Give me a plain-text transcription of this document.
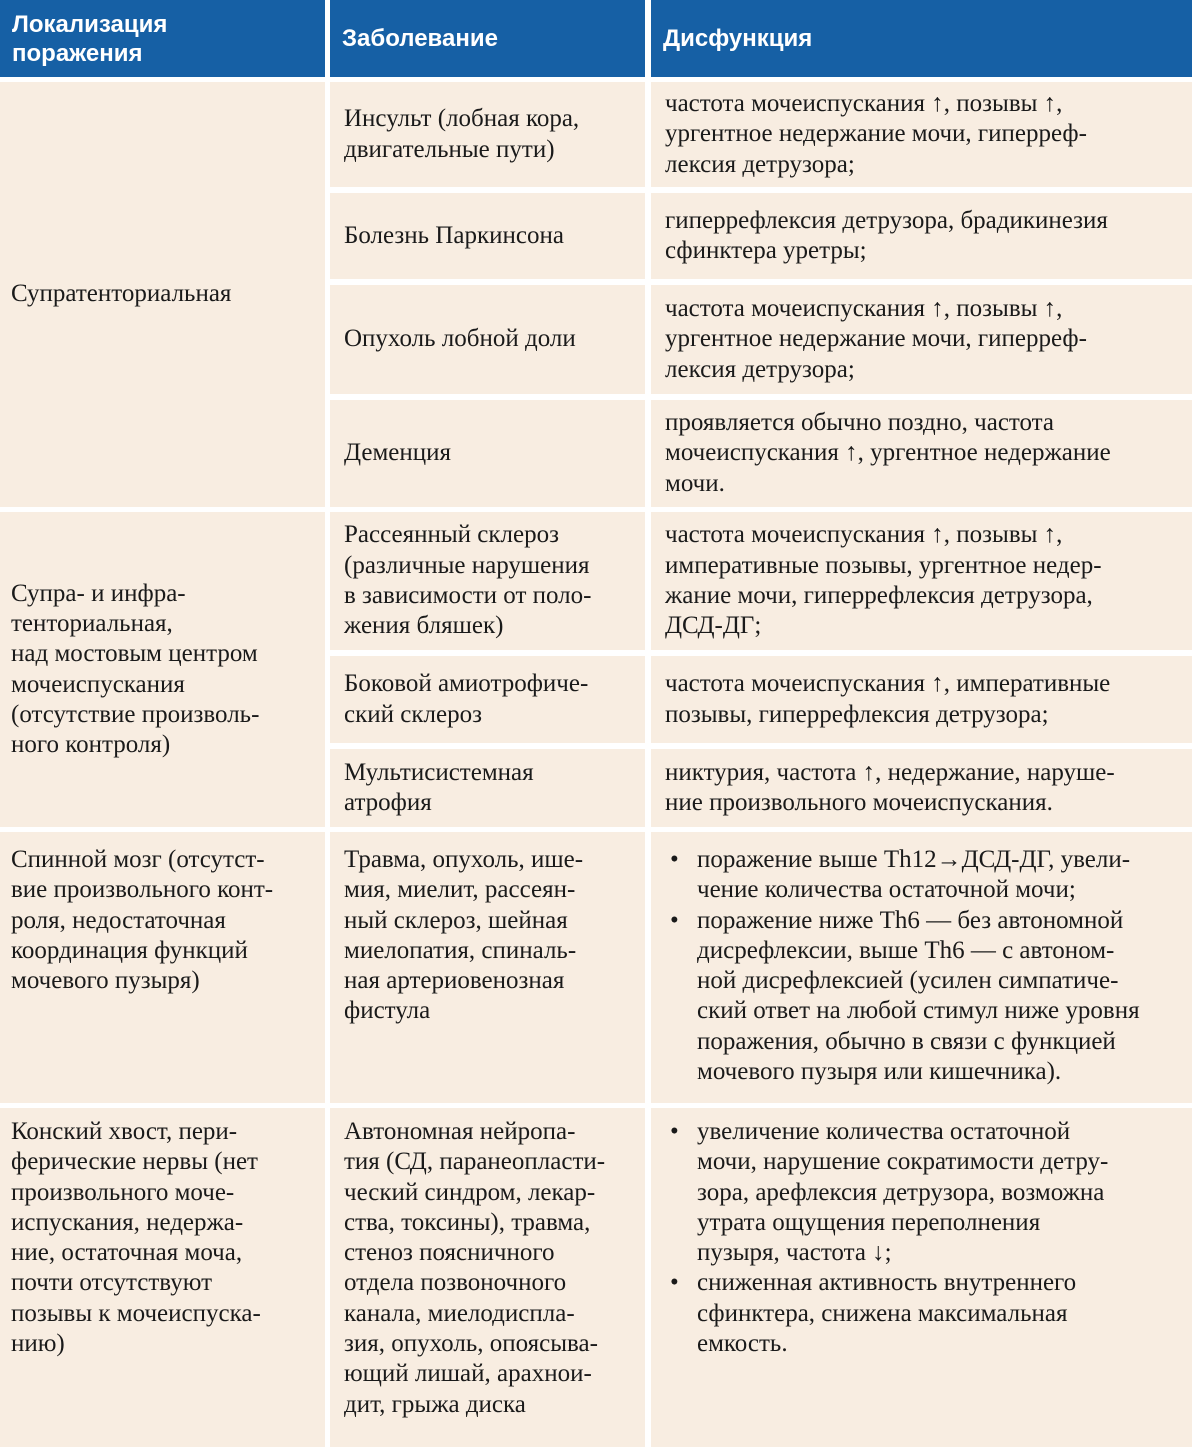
Локализация
поражения
Заболевание	Дисфункция
Супратенториальная
Супра- и инфра-
тенториальная,
над мостовым центром
мочеиспускания
(отсутствие произволь-
ного контроля)
Спинной мозг (отсутст-
вие произвольного конт-
роля, недостаточная
координация функций
мочевого пузыря)
Конский хвост, пери-
ферические нервы (нет
произвольного моче-
испускания, недержа-
ние, остаточная моча,
почти отсутствуют
позывы к мочеиспуска-
нию)
Инсульт (лобная кора,
двигательные пути)
частота мочеиспускания ↑, позывы ↑,
ургентное недержание мочи, гиперреф-
лексия детрузора;
Болезнь Паркинсона
гиперрефлексия детрузора, брадикинезия
сфинктера уретры;
Опухоль лобной доли
частота мочеиспускания ↑, позывы ↑,
ургентное недержание мочи, гиперреф-
лексия детрузора;
Деменция
проявляется обычно поздно, частота
мочеиспускания ↑, ургентное недержание
мочи.
Рассеянный склероз
(различные нарушения
в зависимости от поло-
жения бляшек)
частота мочеиспускания ↑, позывы ↑,
императивные позывы, ургентное недер-
жание мочи, гиперрефлексия детрузора,
ДСД-ДГ;
Боковой амиотрофиче-
ский склероз
частота мочеиспускания ↑, императивные
позывы, гиперрефлексия детрузора;
Мультисистемная
атрофия
никтурия, частота ↑, недержание, наруше-
ние произвольного мочеиспускания.
Травма, опухоль, ише-
мия, миелит, рассеян-
ный склероз, шейная
миелопатия, спиналь-
ная артериовенозная
фистула
• поражение выше Th12→ДСД-ДГ, увели-
чение количества остаточной мочи;
• поражение ниже Th6 — без автономной
дисрефлексии, выше Th6 — с автоном-
ной дисрефлексией (усилен симпатиче-
ский ответ на любой стимул ниже уровня
поражения, обычно в связи с функцией
мочевого пузыря или кишечника).
Автономная нейропа-
тия (СД, паранеопласти-
ческий синдром, лекар-
ства, токсины), травма,
стеноз поясничного
отдела позвоночного
канала, миелодиспла-
зия, опухоль, опоясыва-
ющий лишай, арахнои-
дит, грыжа диска
• увеличение количества остаточной
мочи, нарушение сократимости детру-
зора, арефлексия детрузора, возможна
утрата ощущения переполнения
пузыря, частота ↓;
• сниженная активность внутреннего
сфинктера, снижена максимальная
емкость.
